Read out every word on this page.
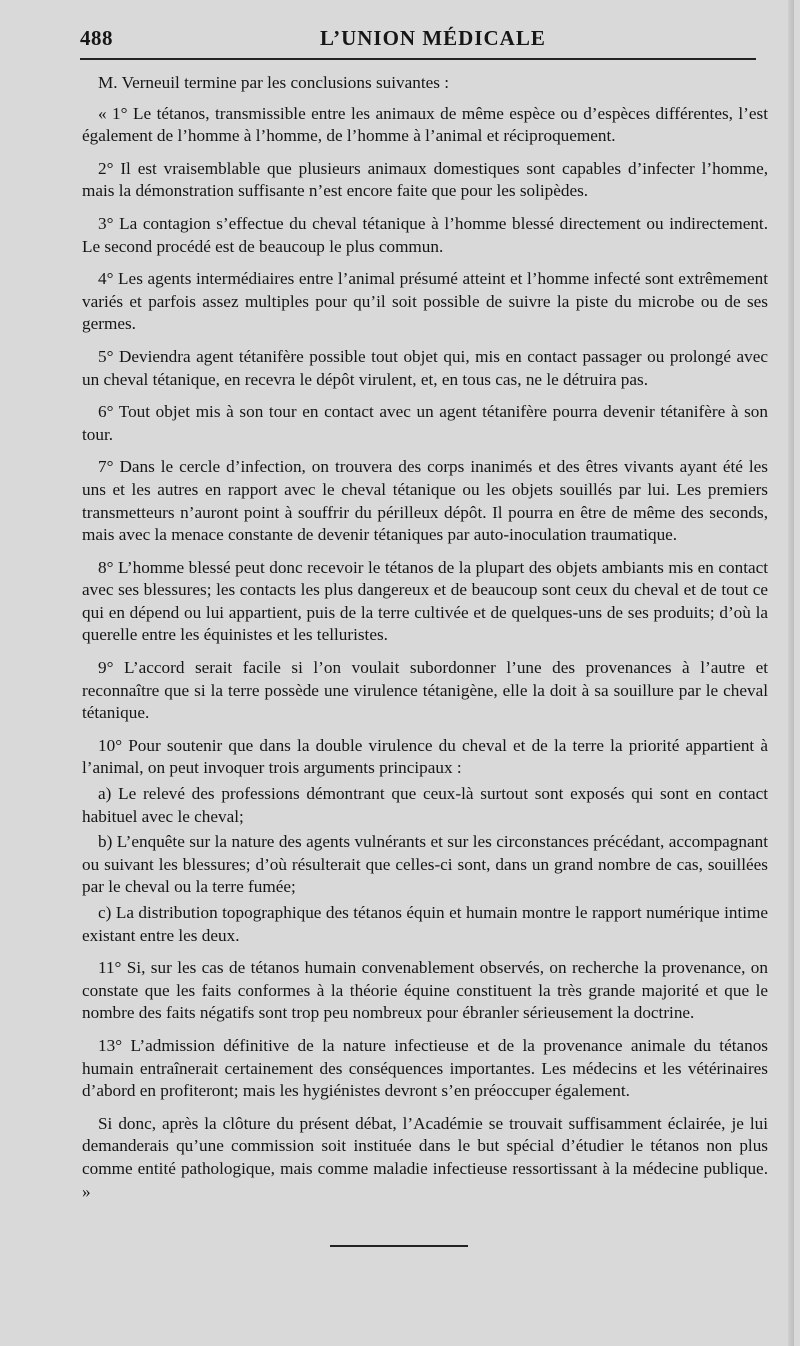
488	L’UNION MÉDICALE

M. Verneuil termine par les conclusions suivantes :

« 1° Le tétanos, transmissible entre les animaux de même espèce ou d’espèces différentes, l’est également de l’homme à l’homme, de l’homme à l’animal et réciproquement.

2° Il est vraisemblable que plusieurs animaux domestiques sont capables d’infecter l’homme, mais la démonstration suffisante n’est encore faite que pour les solipèdes.

3° La contagion s’effectue du cheval tétanique à l’homme blessé directement ou indirectement. Le second procédé est de beaucoup le plus commun.

4° Les agents intermédiaires entre l’animal présumé atteint et l’homme infecté sont extrêmement variés et parfois assez multiples pour qu’il soit possible de suivre la piste du microbe ou de ses germes.

5° Deviendra agent tétanifère possible tout objet qui, mis en contact passager ou prolongé avec un cheval tétanique, en recevra le dépôt virulent, et, en tous cas, ne le détruira pas.

6° Tout objet mis à son tour en contact avec un agent tétanifère pourra devenir tétanifère à son tour.

7° Dans le cercle d’infection, on trouvera des corps inanimés et des êtres vivants ayant été les uns et les autres en rapport avec le cheval tétanique ou les objets souillés par lui. Les premiers transmetteurs n’auront point à souffrir du périlleux dépôt. Il pourra en être de même des seconds, mais avec la menace constante de devenir tétaniques par auto-inoculation traumatique.

8° L’homme blessé peut donc recevoir le tétanos de la plupart des objets ambiants mis en contact avec ses blessures; les contacts les plus dangereux et de beaucoup sont ceux du cheval et de tout ce qui en dépend ou lui appartient, puis de la terre cultivée et de quelques-uns de ses produits; d’où la querelle entre les équinistes et les telluristes.

9° L’accord serait facile si l’on voulait subordonner l’une des provenances à l’autre et reconnaître que si la terre possède une virulence tétanigène, elle la doit à sa souillure par le cheval tétanique.

10° Pour soutenir que dans la double virulence du cheval et de la terre la priorité appartient à l’animal, on peut invoquer trois arguments principaux :

a) Le relevé des professions démontrant que ceux-là surtout sont exposés qui sont en contact habituel avec le cheval;

b) L’enquête sur la nature des agents vulnérants et sur les circonstances précédant, accompagnant ou suivant les blessures; d’où résulterait que celles-ci sont, dans un grand nombre de cas, souillées par le cheval ou la terre fumée;

c) La distribution topographique des tétanos équin et humain montre le rapport numérique intime existant entre les deux.

11° Si, sur les cas de tétanos humain convenablement observés, on recherche la provenance, on constate que les faits conformes à la théorie équine constituent la très grande majorité et que le nombre des faits négatifs sont trop peu nombreux pour ébranler sérieusement la doctrine.

13° L’admission définitive de la nature infectieuse et de la provenance animale du tétanos humain entraînerait certainement des conséquences importantes. Les médecins et les vétérinaires d’abord en profiteront; mais les hygiénistes devront s’en préoccuper également.

Si donc, après la clôture du présent débat, l’Académie se trouvait suffisamment éclairée, je lui demanderais qu’une commission soit instituée dans le but spécial d’étudier le tétanos non plus comme entité pathologique, mais comme maladie infectieuse ressortissant à la médecine publique. »
